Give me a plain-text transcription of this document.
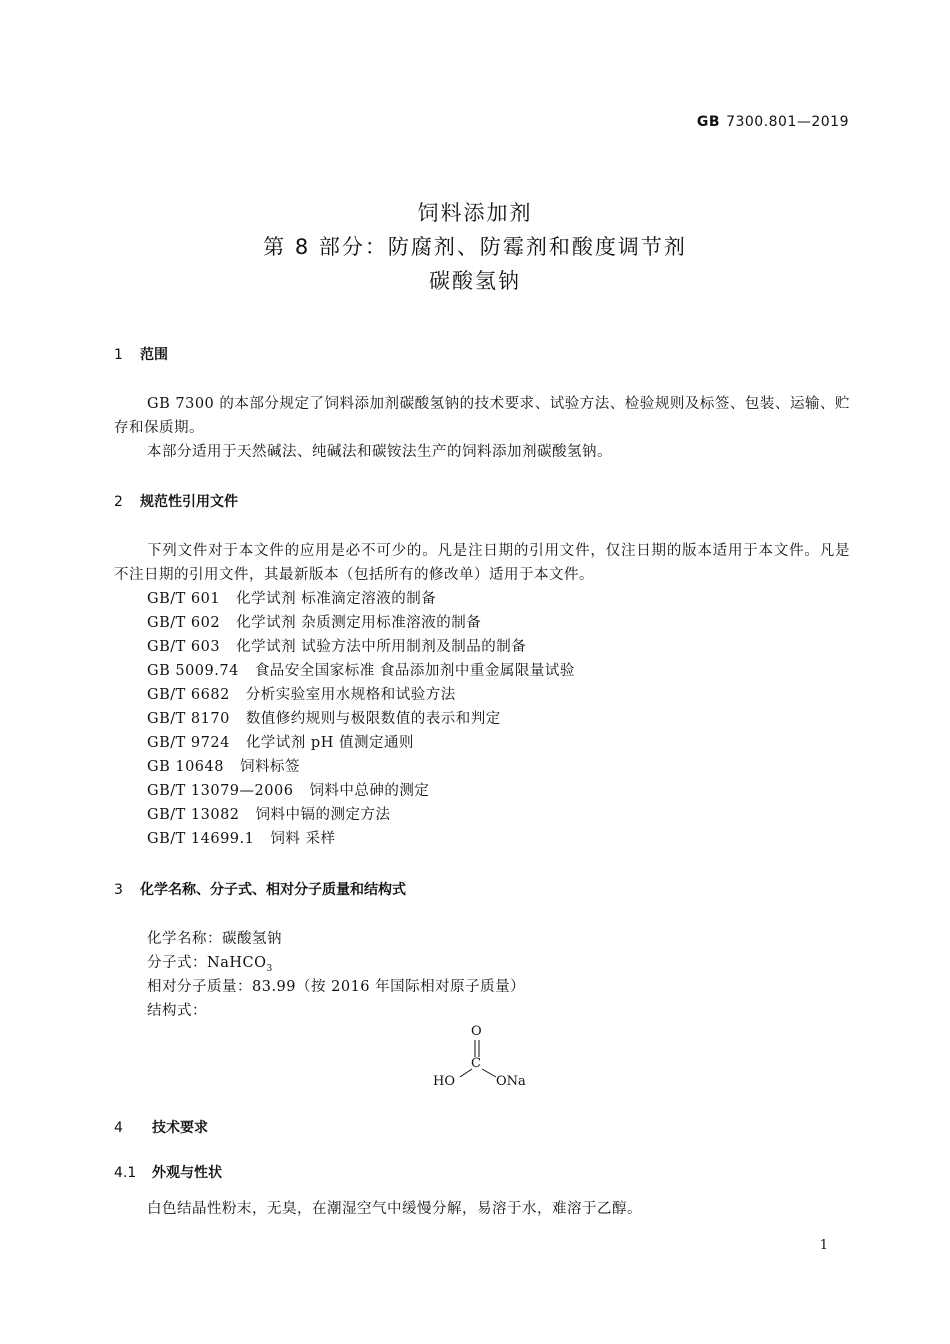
GB 7300.801—2019
饲料添加剂
第 8 部分：防腐剂、防霉剂和酸度调节剂
碳酸氢钠
1 范围
GB 7300 的本部分规定了饲料添加剂碳酸氢钠的技术要求、试验方法、检验规则及标签、包装、运输、贮存和保质期。
本部分适用于天然碱法、纯碱法和碳铵法生产的饲料添加剂碳酸氢钠。
2 规范性引用文件
下列文件对于本文件的应用是必不可少的。凡是注日期的引用文件，仅注日期的版本适用于本文件。凡是不注日期的引用文件，其最新版本（包括所有的修改单）适用于本文件。
GB/T 601 化学试剂 标准滴定溶液的制备
GB/T 602 化学试剂 杂质测定用标准溶液的制备
GB/T 603 化学试剂 试验方法中所用制剂及制品的制备
GB 5009.74 食品安全国家标准 食品添加剂中重金属限量试验
GB/T 6682 分析实验室用水规格和试验方法
GB/T 8170 数值修约规则与极限数值的表示和判定
GB/T 9724 化学试剂 pH 值测定通则
GB 10648 饲料标签
GB/T 13079—2006 饲料中总砷的测定
GB/T 13082 饲料中镉的测定方法
GB/T 14699.1 饲料 采样
3 化学名称、分子式、相对分子质量和结构式
化学名称：碳酸氢钠
分子式：NaHCO$_3$
相对分子质量：83.99（按 2016 年国际相对原子质量）
结构式：
O
C
HO	ONa
4 技术要求
4.1 外观与性状
白色结晶性粉末，无臭，在潮湿空气中缓慢分解，易溶于水，难溶于乙醇。
1
